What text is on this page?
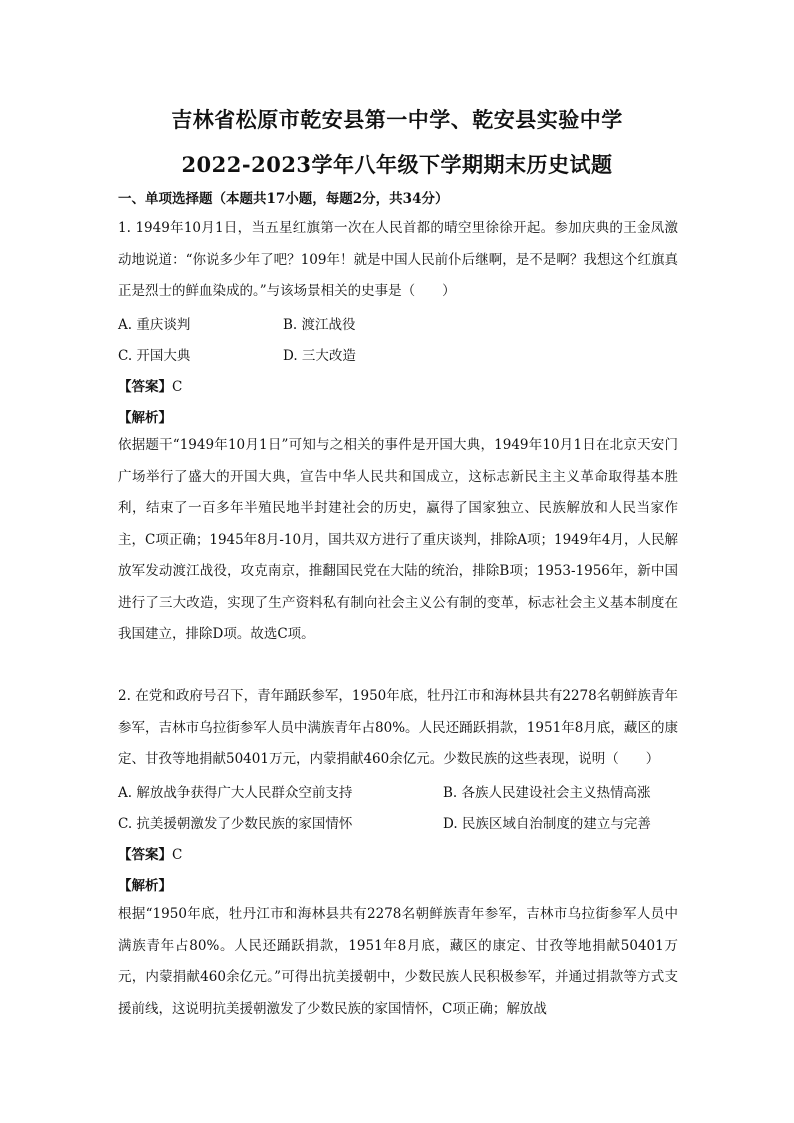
吉林省松原市乾安县第一中学、乾安县实验中学
2022-2023学年八年级下学期期末历史试题
一、单项选择题（本题共17小题，每题2分，共34分）

1. 1949年10月1日，当五星红旗第一次在人民首都的晴空里徐徐开起。参加庆典的王金凤激动地说道：“你说多少年了吧？109年！就是中国人民前仆后继啊，是不是啊？我想这个红旗真正是烈士的鲜血染成的。”与该场景相关的史事是（　　）

A. 重庆谈判	B. 渡江战役
C. 开国大典	D. 三大改造
【答案】C
【解析】

依据题干“1949年10月1日”可知与之相关的事件是开国大典，1949年10月1日在北京天安门广场举行了盛大的开国大典，宣告中华人民共和国成立，这标志新民主主义革命取得基本胜利，结束了一百多年半殖民地半封建社会的历史，赢得了国家独立、民族解放和人民当家作主，C项正确；1945年8月-10月，国共双方进行了重庆谈判，排除A项；1949年4月，人民解放军发动渡江战役，攻克南京，推翻国民党在大陆的统治，排除B项；1953-1956年，新中国进行了三大改造，实现了生产资料私有制向社会主义公有制的变革，标志社会主义基本制度在我国建立，排除D项。故选C项。

2. 在党和政府号召下，青年踊跃参军，1950年底，牡丹江市和海林县共有2278名朝鲜族青年参军，吉林市乌拉街参军人员中满族青年占80%。人民还踊跃捐款，1951年8月底，藏区的康定、甘孜等地捐献50401万元，内蒙捐献460余亿元。少数民族的这些表现，说明（　　）

A. 解放战争获得广大人民群众空前支持	B. 各族人民建设社会主义热情高涨
C. 抗美援朝激发了少数民族的家国情怀	D. 民族区域自治制度的建立与完善
【答案】C
【解析】

根据“1950年底，牡丹江市和海林县共有2278名朝鲜族青年参军，吉林市乌拉街参军人员中满族青年占80%。人民还踊跃捐款，1951年8月底，藏区的康定、甘孜等地捐献50401万元，内蒙捐献460余亿元。”可得出抗美援朝中，少数民族人民积极参军，并通过捐款等方式支援前线，这说明抗美援朝激发了少数民族的家国情怀，C项正确；解放战
